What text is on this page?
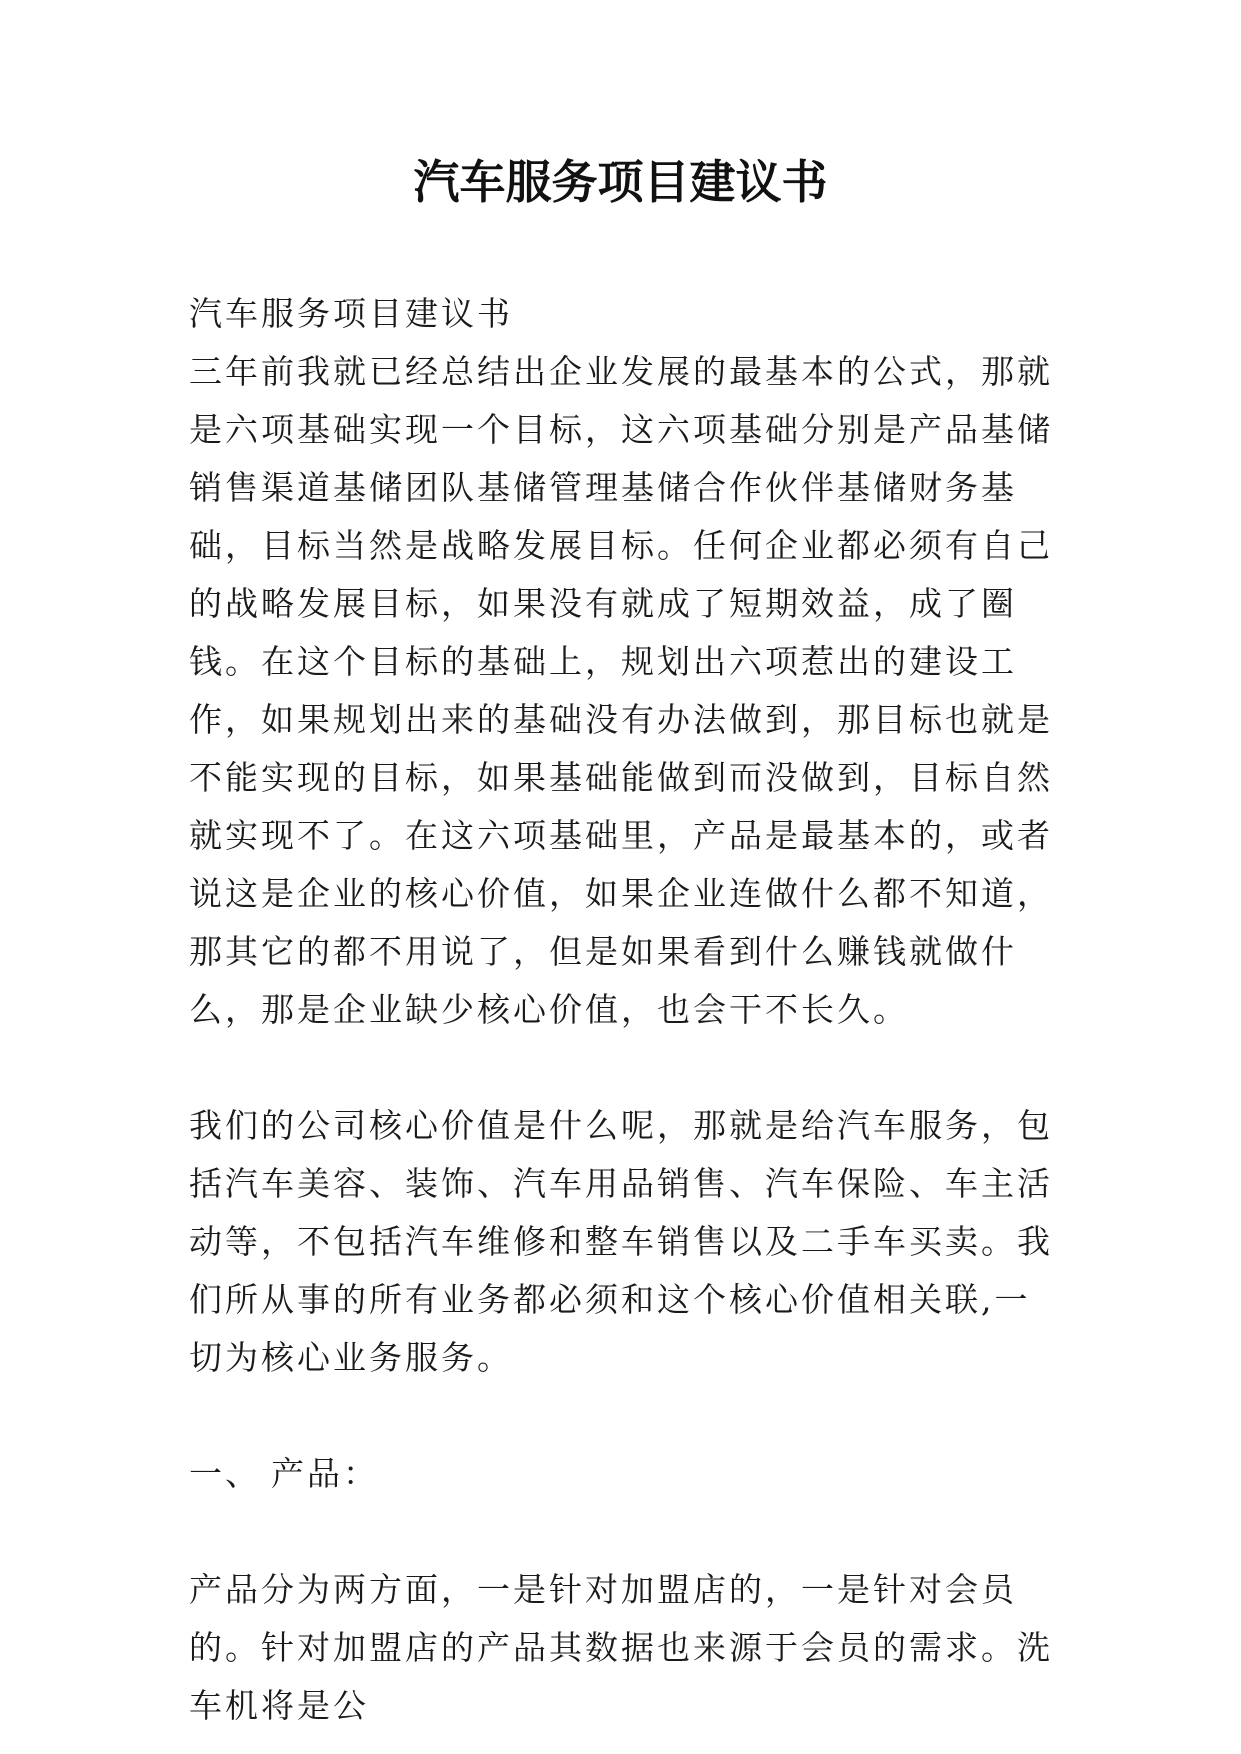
汽车服务项目建议书

汽车服务项目建议书

三年前我就已经总结出企业发展的最基本的公式，那就是六项基础实现一个目标，这六项基础分别是产品基储销售渠道基储团队基储管理基储合作伙伴基储财务基础，目标当然是战略发展目标。任何企业都必须有自己的战略发展目标，如果没有就成了短期效益，成了圈钱。在这个目标的基础上，规划出六项惹出的建设工作，如果规划出来的基础没有办法做到，那目标也就是不能实现的目标，如果基础能做到而没做到，目标自然就实现不了。在这六项基础里，产品是最基本的，或者说这是企业的核心价值，如果企业连做什么都不知道，那其它的都不用说了，但是如果看到什么赚钱就做什么，那是企业缺少核心价值，也会干不长久。

我们的公司核心价值是什么呢，那就是给汽车服务，包括汽车美容、装饰、汽车用品销售、汽车保险、车主活动等，不包括汽车维修和整车销售以及二手车买卖。我们所从事的所有业务都必须和这个核心价值相关联,一切为核心业务服务。

一、 产品：

产品分为两方面，一是针对加盟店的，一是针对会员的。针对加盟店的产品其数据也来源于会员的需求。洗车机将是公
